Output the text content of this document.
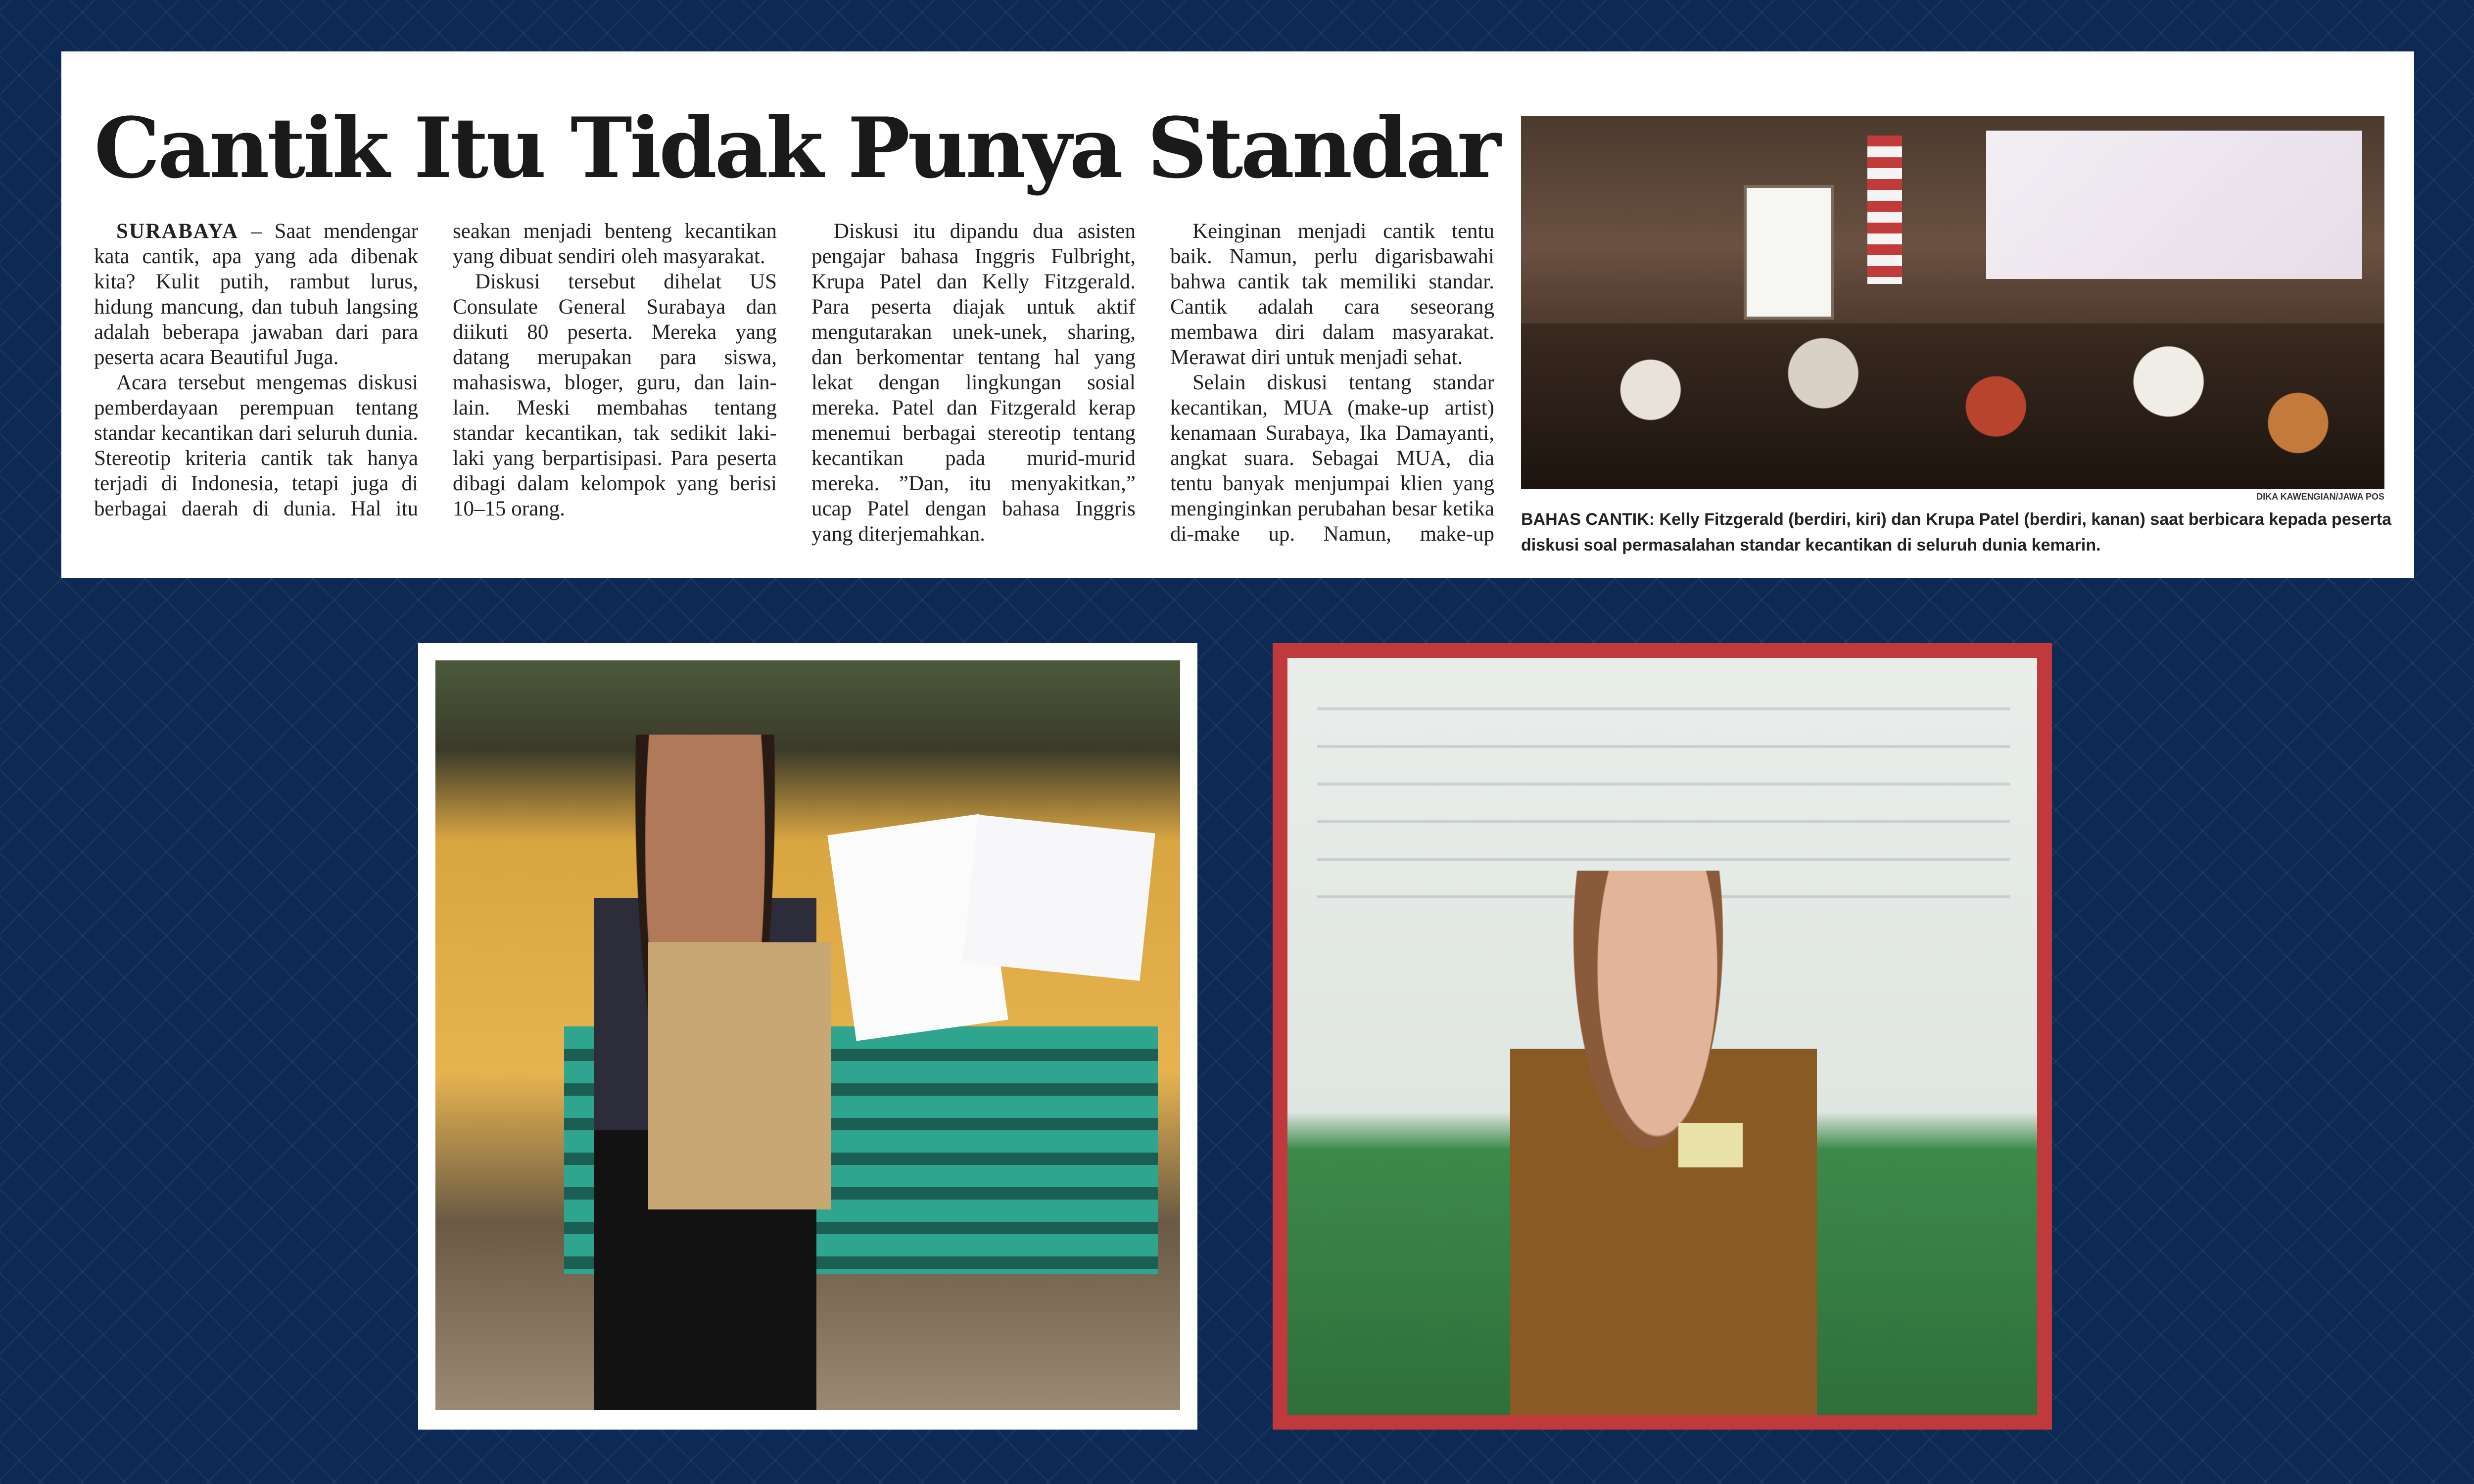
Cantik Itu Tidak Punya Standar

SURABAYA – Saat mendengar kata cantik, apa yang ada dibenak kita? Kulit putih, rambut lurus, hidung mancung, dan tubuh langsing adalah beberapa jawaban dari para peserta acara Beautiful Juga.

Acara tersebut mengemas diskusi pemberdayaan perempuan tentang standar kecantikan dari seluruh dunia. Stereotip kriteria cantik tak hanya terjadi di Indonesia, tetapi juga di berbagai daerah di dunia. Hal itu seakan menjadi benteng kecantikan yang dibuat sendiri oleh masyarakat.

Diskusi tersebut dihelat US Consulate General Surabaya dan diikuti 80 peserta. Mereka yang datang merupakan para siswa, mahasiswa, bloger, guru, dan lain-lain. Meski membahas tentang standar kecantikan, tak sedikit laki-laki yang berpartisipasi. Para peserta dibagi dalam kelompok yang berisi 10–15 orang.

Diskusi itu dipandu dua asisten pengajar bahasa Inggris Fulbright, Krupa Patel dan Kelly Fitzgerald. Para peserta diajak untuk aktif mengutarakan unek-unek, sharing, dan berkomentar tentang hal yang lekat dengan lingkungan sosial mereka. Patel dan Fitzgerald kerap menemui berbagai stereotip tentang kecantikan pada murid-murid mereka. ”Dan, itu menyakitkan,” ucap Patel dengan bahasa Inggris yang diterjemahkan.

Keinginan menjadi cantik tentu baik. Namun, perlu digarisbawahi bahwa cantik tak memiliki standar. Cantik adalah cara seseorang membawa diri dalam masyarakat. Merawat diri untuk menjadi sehat.

Selain diskusi tentang standar kecantikan, MUA (make-up artist) kenamaan Surabaya, Ika Damayanti, angkat suara. Sebagai MUA, dia tentu banyak menjumpai klien yang menginginkan perubahan besar ketika di-make up. Namun, make-up

DIKA KAWENGIAN/JAWA POS
BAHAS CANTIK: Kelly Fitzgerald (berdiri, kiri) dan Krupa Patel (berdiri, kanan) saat berbicara kepada peserta diskusi soal permasalahan standar kecantikan di seluruh dunia kemarin.
